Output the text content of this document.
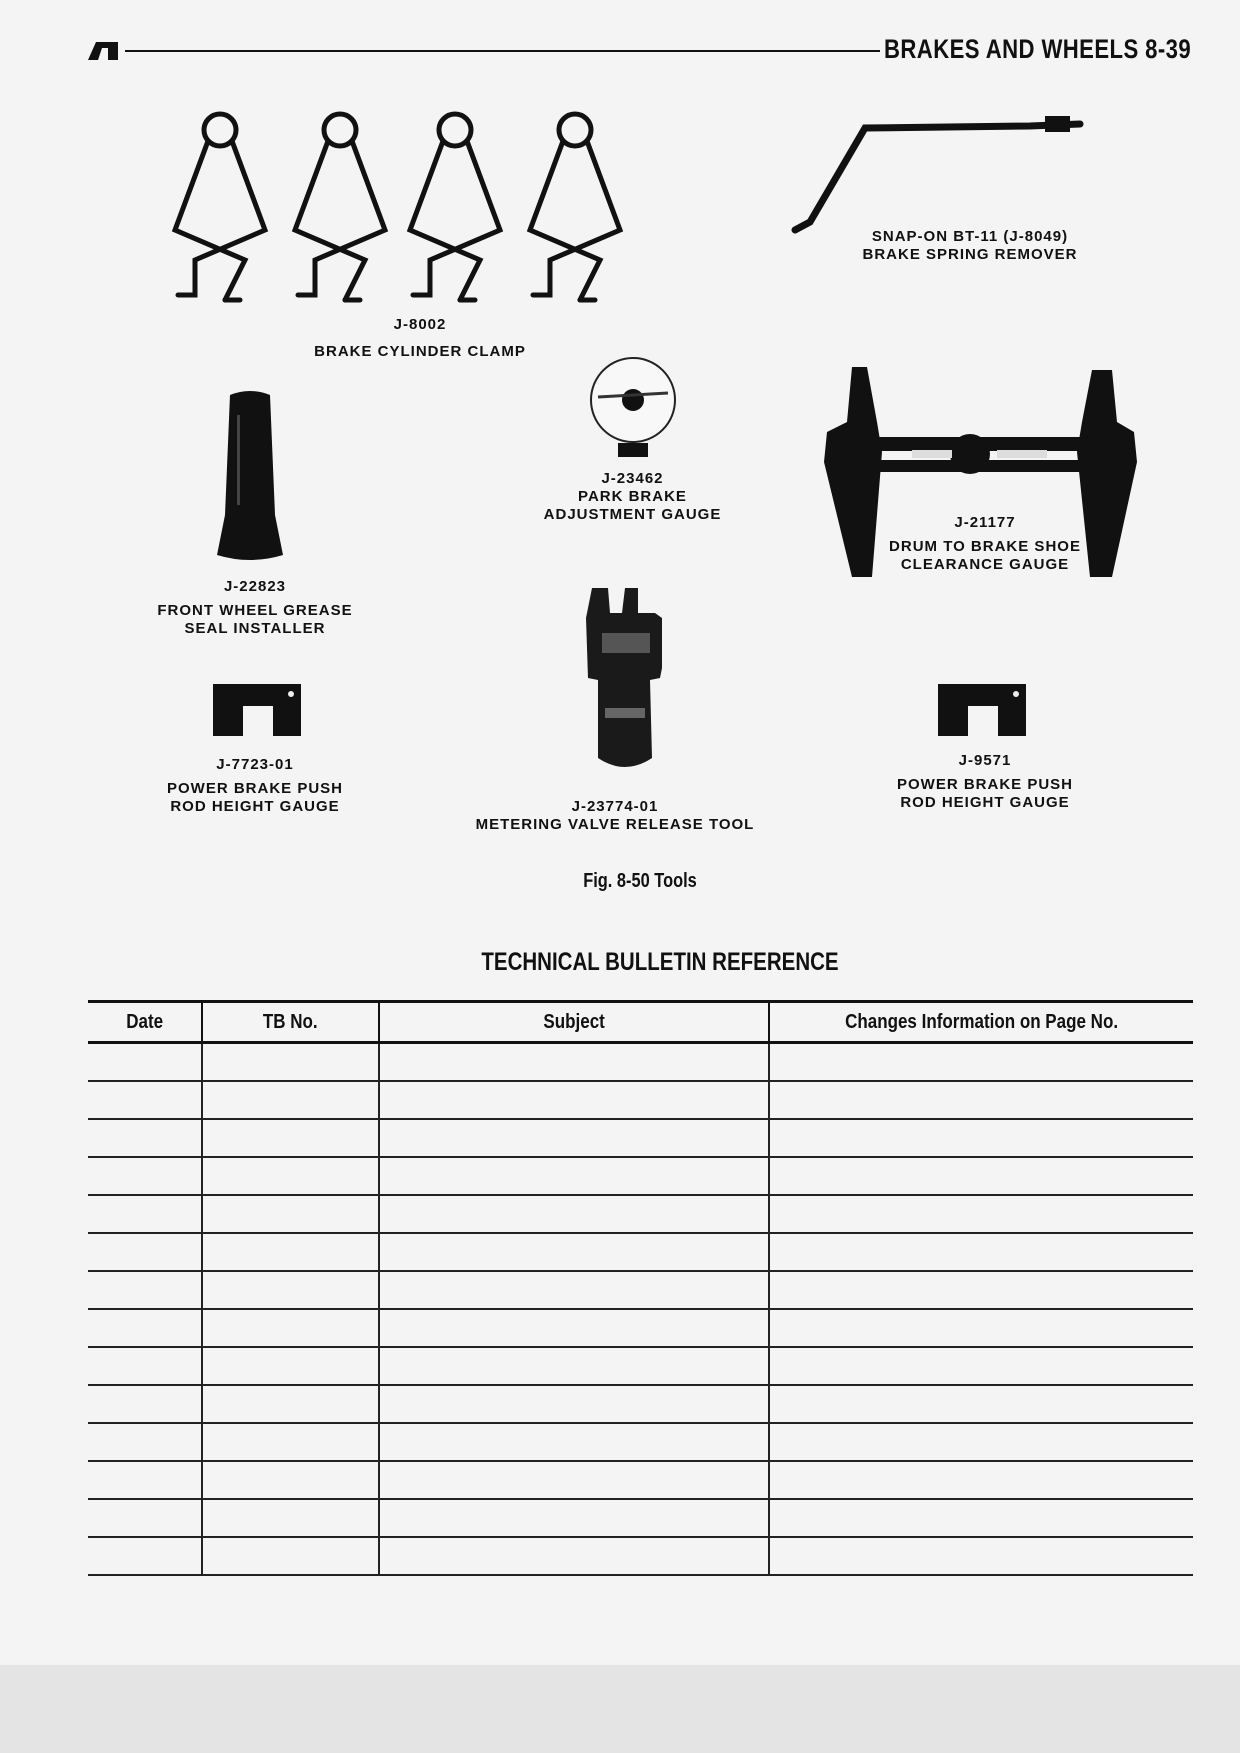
BRAKES AND WHEELS 8-39
J-8002
BRAKE CYLINDER CLAMP
SNAP-ON BT-11 (J-8049)
BRAKE SPRING REMOVER
J-23462
PARK BRAKE
ADJUSTMENT GAUGE	J-21177
DRUM TO BRAKE SHOE
CLEARANCE GAUGE
J-22823
FRONT WHEEL GREASE
SEAL INSTALLER
J-7723-01
POWER BRAKE PUSH
ROD HEIGHT GAUGE	J-23774-01
METERING VALVE RELEASE TOOL
J-9571
POWER BRAKE PUSH
ROD HEIGHT GAUGE
Fig. 8-50 Tools
TECHNICAL BULLETIN REFERENCE
Date	TB No.	Subject	Changes Information on Page No.
